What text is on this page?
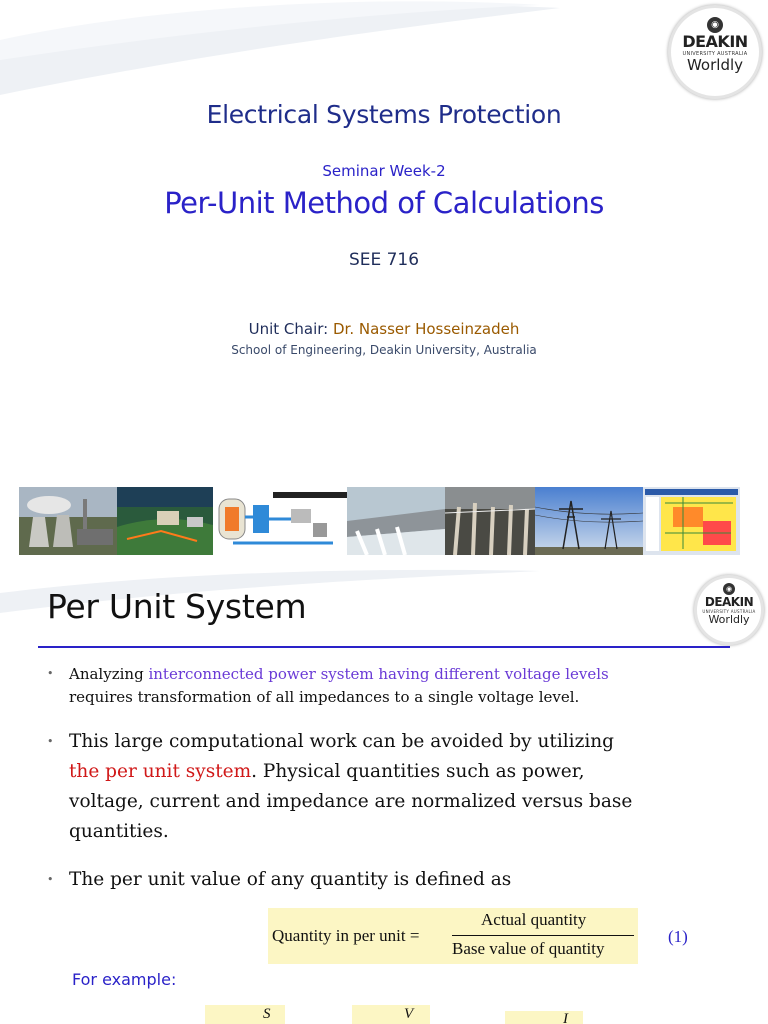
◉
DEAKIN
UNIVERSITY AUSTRALIA
Worldly
Electrical Systems Protection
Seminar Week-2
Per-Unit Method of Calculations
SEE 716
Unit Chair: Dr. Nasser Hosseinzadeh
School of Engineering, Deakin University, Australia
Per Unit System	◉
DEAKIN
UNIVERSITY AUSTRALIA
Worldly
• Analyzing interconnected power system having different voltage levels
requires transformation of all impedances to a single voltage level.
• This large computational work can be avoided by utilizing
the per unit system. Physical quantities such as power,
voltage, current and impedance are normalized versus base
quantities.
• The per unit value of any quantity is defined as
Quantity in per unit =
Actual quantity
Base value of quantity
(1)
For example:
S	V	I
